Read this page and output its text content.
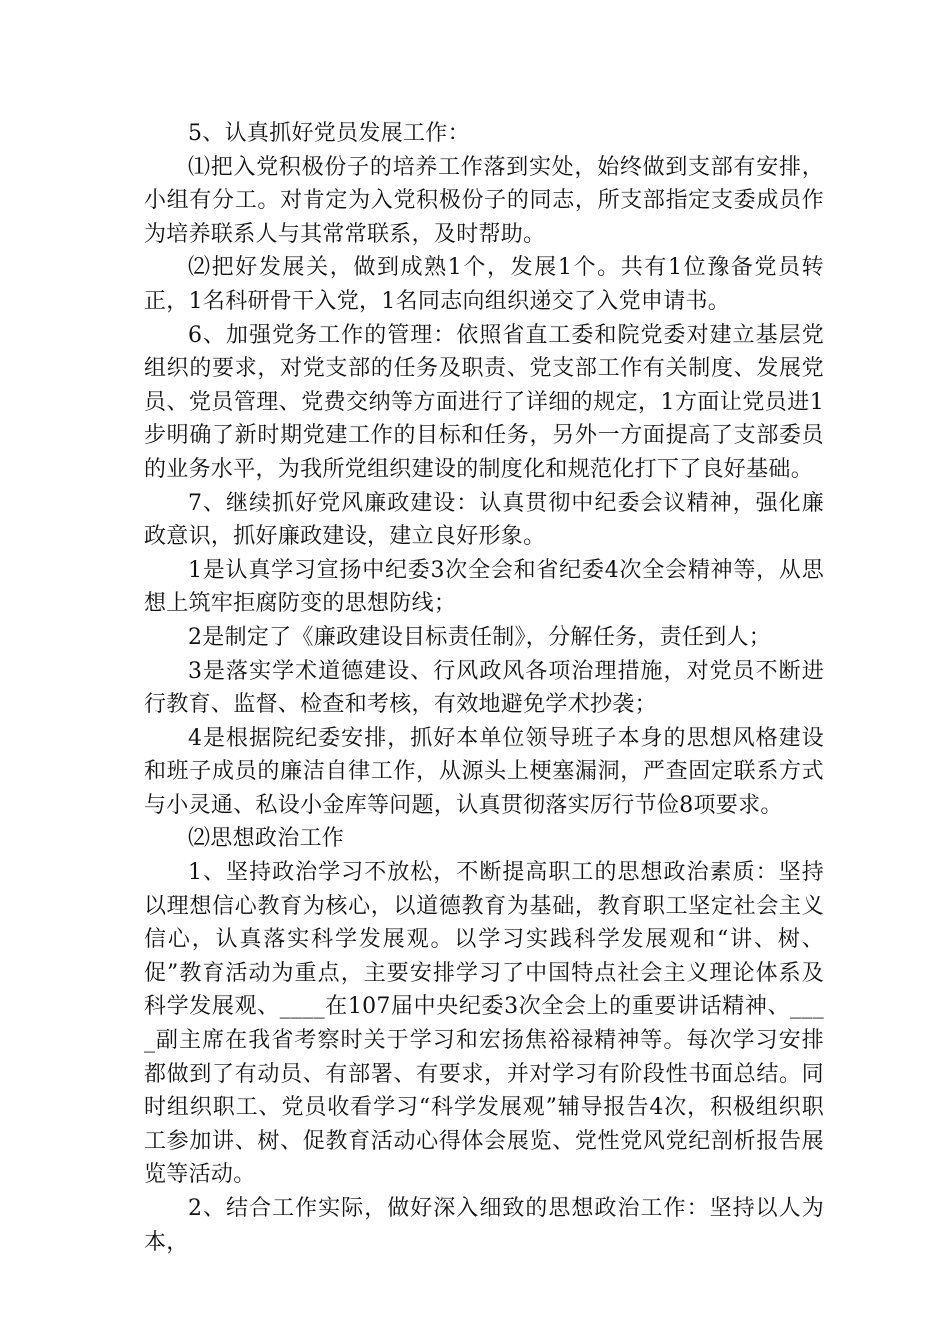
5、认真抓好党员发展工作：

⑴把入党积极份子的培养工作落到实处，始终做到支部有安排，小组有分工。对肯定为入党积极份子的同志，所支部指定支委成员作为培养联系人与其常常联系，及时帮助。

⑵把好发展关，做到成熟1个，发展1个。共有1位豫备党员转正，1名科研骨干入党，1名同志向组织递交了入党申请书。

6、加强党务工作的管理：依照省直工委和院党委对建立基层党组织的要求，对党支部的任务及职责、党支部工作有关制度、发展党员、党员管理、党费交纳等方面进行了详细的规定，1方面让党员进1步明确了新时期党建工作的目标和任务，另外一方面提高了支部委员的业务水平，为我所党组织建设的制度化和规范化打下了良好基础。

7、继续抓好党风廉政建设：认真贯彻中纪委会议精神，强化廉政意识，抓好廉政建设，建立良好形象。

1是认真学习宣扬中纪委3次全会和省纪委4次全会精神等，从思想上筑牢拒腐防变的思想防线；

2是制定了《廉政建设目标责任制》，分解任务，责任到人；

3是落实学术道德建设、行风政风各项治理措施，对党员不断进行教育、监督、检查和考核，有效地避免学术抄袭；

4是根据院纪委安排，抓好本单位领导班子本身的思想风格建设和班子成员的廉洁自律工作，从源头上梗塞漏洞，严查固定联系方式与小灵通、私设小金库等问题，认真贯彻落实厉行节俭8项要求。

⑵思想政治工作

1、坚持政治学习不放松，不断提高职工的思想政治素质：坚持以理想信心教育为核心，以道德教育为基础，教育职工坚定社会主义信心，认真落实科学发展观。以学习实践科学发展观和“讲、树、促”教育活动为重点，主要安排学习了中国特点社会主义理论体系及科学发展观、____在107届中央纪委3次全会上的重要讲话精神、____副主席在我省考察时关于学习和宏扬焦裕禄精神等。每次学习安排都做到了有动员、有部署、有要求，并对学习有阶段性书面总结。同时组织职工、党员收看学习“科学发展观”辅导报告4次，积极组织职工参加讲、树、促教育活动心得体会展览、党性党风党纪剖析报告展览等活动。

2、结合工作实际，做好深入细致的思想政治工作：坚持以人为本，
